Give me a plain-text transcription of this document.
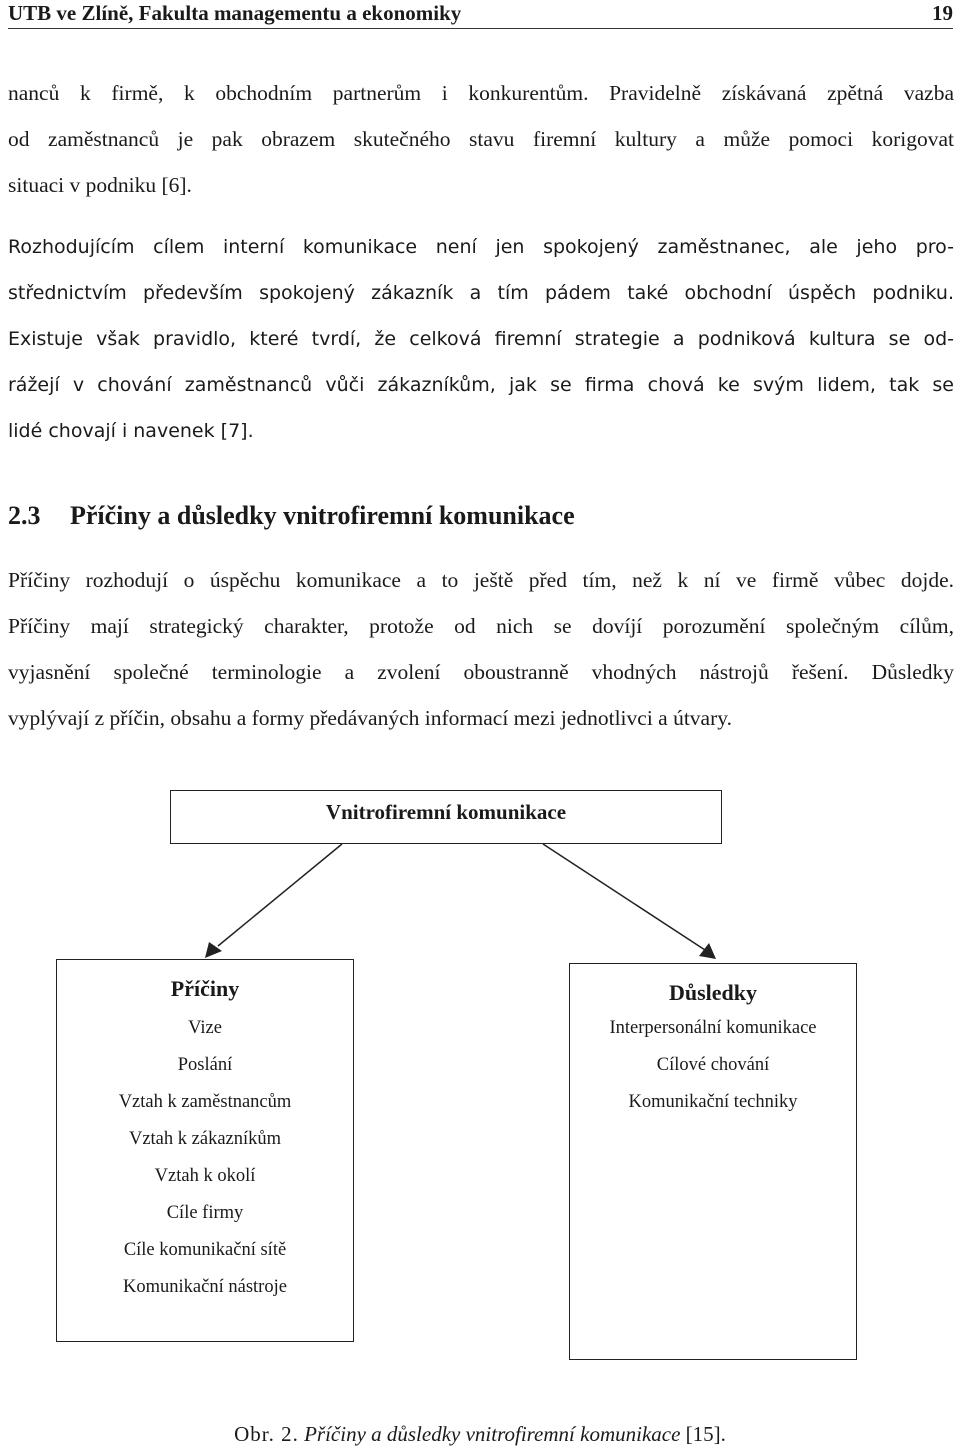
UTB ve Zlíně, Fakulta managementu a ekonomiky	19
nanců k firmě, k obchodním partnerům i konkurentům. Pravidelně získávaná zpětná vazba
od zaměstnanců je pak obrazem skutečného stavu firemní kultury a může pomoci korigovat
situaci v podniku [6].
Rozhodujícím cílem interní komunikace není jen spokojený zaměstnanec, ale jeho pro-
střednictvím především spokojený zákazník a tím pádem také obchodní úspěch podniku.
Existuje však pravidlo, které tvrdí, že celková firemní strategie a podniková kultura se od-
rážejí v chování zaměstnanců vůči zákazníkům, jak se firma chová ke svým lidem, tak se
lidé chovají i navenek [7].
2.3 Příčiny a důsledky vnitrofiremní komunikace
Příčiny rozhodují o úspěchu komunikace a to ještě před tím, než k ní ve firmě vůbec dojde.
Příčiny mají strategický charakter, protože od nich se dovíjí porozumění společným cílům,
vyjasnění společné terminologie a zvolení oboustranně vhodných nástrojů řešení. Důsledky
vyplývají z příčin, obsahu a formy předávaných informací mezi jednotlivci a útvary.
Vnitrofiremní komunikace
Příčiny
Vize
Poslání
Vztah k zaměstnancům
Vztah k zákazníkům
Vztah k okolí
Cíle firmy
Cíle komunikační sítě
Komunikační nástroje
Důsledky
Interpersonální komunikace
Cílové chování
Komunikační techniky
Obr. 2. Příčiny a důsledky vnitrofiremní komunikace [15].
